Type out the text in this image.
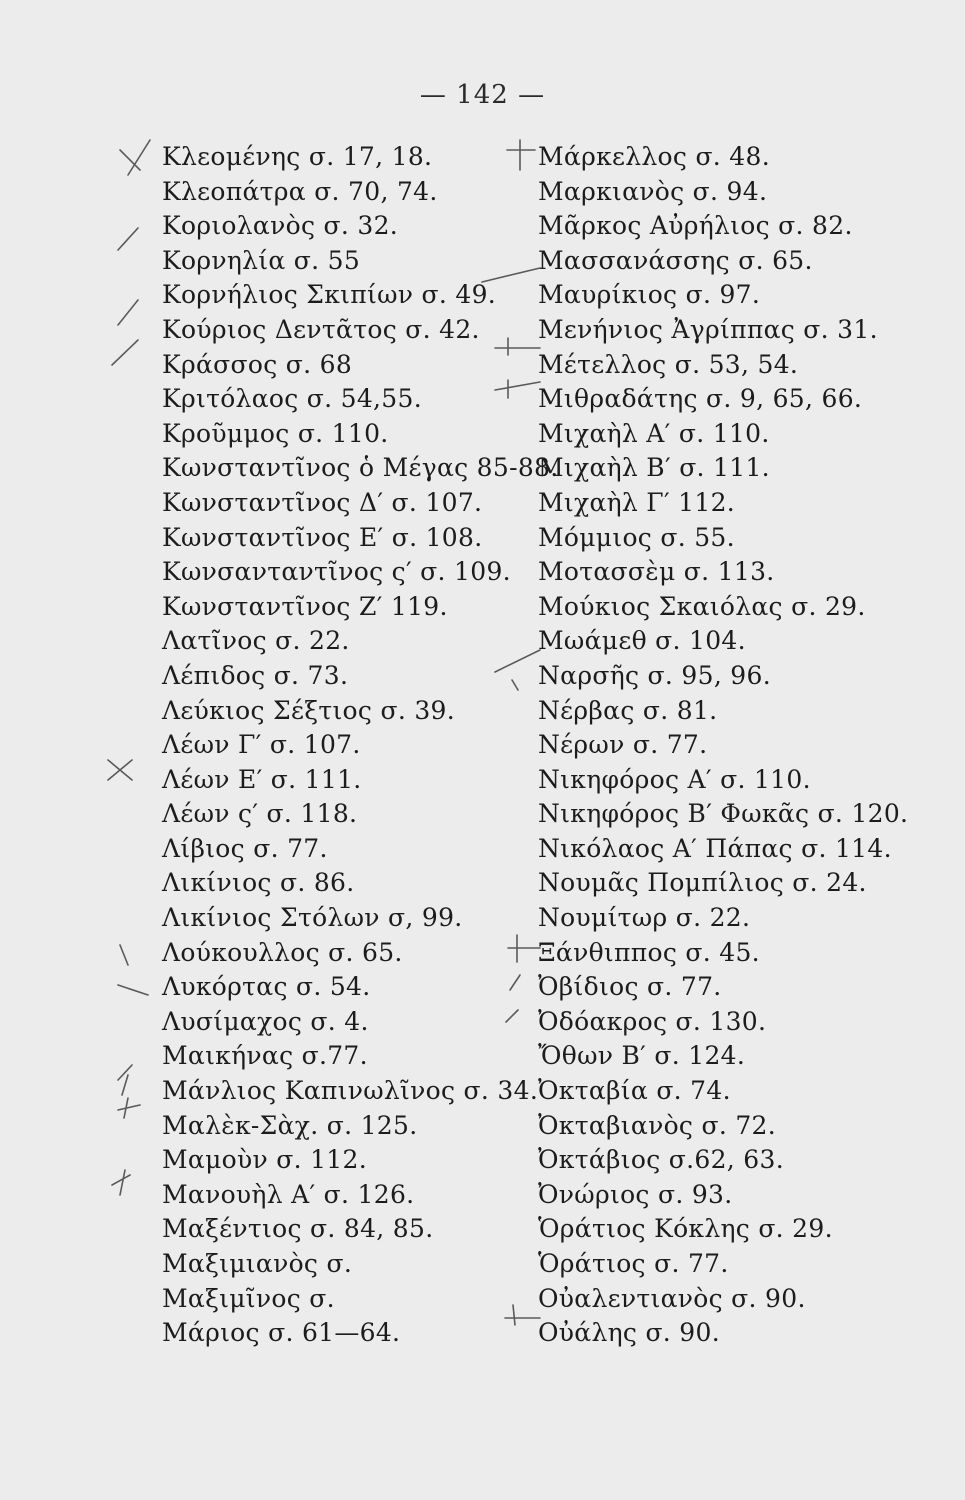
— 142 —
Κλεομένης σ. 17, 18.
Κλεοπάτρα σ. 70, 74.
Κοριολανὸς σ. 32.
Κορνηλία σ. 55
Κορνήλιος Σκιπίων σ. 49.
Κούριος Δεντᾶτος σ. 42.
Κράσσος σ. 68
Κριτόλαος σ. 54,55.
Κροῦμμος σ. 110.
Κωνσταντῖνος ὁ Μέγας 85-88.
Κωνσταντῖνος Δ′ σ. 107.
Κωνσταντῖνος Ε′ σ. 108.
Κωνσανταντῖνος ς′ σ. 109.
Κωνσταντῖνος Ζ′ 119.
Λατῖνος σ. 22.
Λέπιδος σ. 73.
Λεύκιος Σέξτιος σ. 39.
Λέων Γ′ σ. 107.
Λέων Ε′ σ. 111.
Λέων ς′ σ. 118.
Λίβιος σ. 77.
Λικίνιος σ. 86.
Λικίνιος Στόλων σ, 99.
Λούκουλλος σ. 65.
Λυκόρτας σ. 54.
Λυσίμαχος σ. 4.
Μαικήνας σ.77.
Μάνλιος Καπινωλῖνος σ. 34.
Μαλὲκ-Σὰχ. σ. 125.
Μαμοὺν σ. 112.
Μανουὴλ Α′ σ. 126.
Μαξέντιος σ. 84, 85.
Μαξιμιανὸς σ.
Μαξιμῖνος σ.
Μάριος σ. 61—64.
Μάρκελλος σ. 48.
Μαρκιανὸς σ. 94.
Μᾶρκος Αὐρήλιος σ. 82.
Μασσανάσσης σ. 65.
Μαυρίκιος σ. 97.
Μενήνιος Ἀγρίππας σ. 31.
Μέτελλος σ. 53, 54.
Μιθραδάτης σ. 9, 65, 66.
Μιχαὴλ Α′ σ. 110.
Μιχαὴλ Β′ σ. 111.
Μιχαὴλ Γ′ 112.
Μόμμιος σ. 55.
Μοτασσὲμ σ. 113.
Μούκιος Σκαιόλας σ. 29.
Μωάμεθ σ. 104.
Ναρσῆς σ. 95, 96.
Νέρβας σ. 81.
Νέρων σ. 77.
Νικηφόρος Α′ σ. 110.
Νικηφόρος Β′ Φωκᾶς σ. 120.
Νικόλαος Α′ Πάπας σ. 114.
Νουμᾶς Πομπίλιος σ. 24.
Νουμίτωρ σ. 22.
Ξάνθιππος σ. 45.
Ὀβίδιος σ. 77.
Ὀδόακρος σ. 130.
Ὄθων Β′ σ. 124.
Ὀκταβία σ. 74.
Ὀκταβιανὸς σ. 72.
Ὀκτάβιος σ.62, 63.
Ὀνώριος σ. 93.
Ὁράτιος Κόκλης σ. 29.
Ὁράτιος σ. 77.
Οὐαλεντιανὸς σ. 90.
Οὐάλης σ. 90.
